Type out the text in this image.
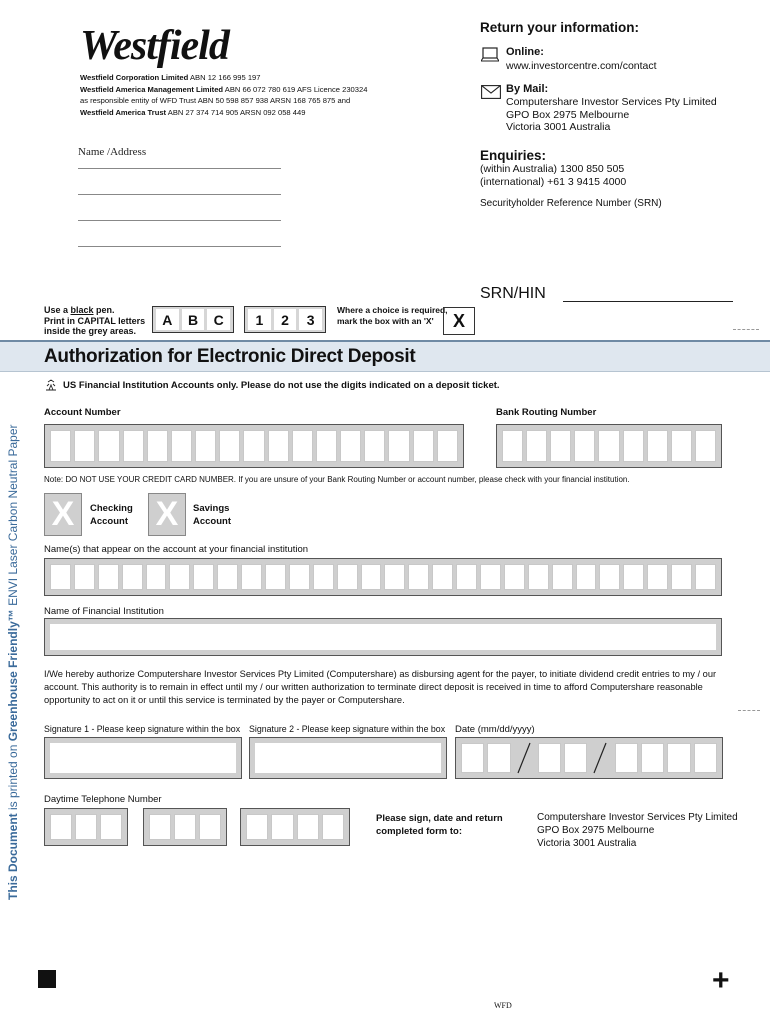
Westfield
Westfield Corporation Limited ABN 12 166 995 197
Westfield America Management Limited ABN 66 072 780 619 AFS Licence 230324
as responsible entity of WFD Trust ABN 50 598 857 938 ARSN 168 765 875 and
Westfield America Trust ABN 27 374 714 905 ARSN 092 058 449
Name /Address
Return your information:
Online:
www.investorcentre.com/contact
By Mail:
Computershare Investor Services Pty Limited
GPO Box 2975 Melbourne
Victoria 3001 Australia
Enquiries:
(within Australia) 1300 850 505
(international) +61 3 9415 4000
Securityholder Reference Number (SRN)
SRN/HIN
Use a black pen.
Print in CAPITAL letters
inside the grey areas.
A	B	C	1	2	3
Where a choice is required,
mark the box with an 'X'	X
Authorization for Electronic Direct Deposit
US Financial Institution Accounts only. Please do not use the digits indicated on a deposit ticket.
Account Number	Bank Routing Number
Note: DO NOT USE YOUR CREDIT CARD NUMBER. If you are unsure of your Bank Routing Number or account number, please check with your financial institution.
X	Checking
Account X	Savings
Account
Name(s) that appear on the account at your financial institution
Name of Financial Institution
I/We hereby authorize Computershare Investor Services Pty Limited (Computershare) as disbursing agent for the payer, to initiate dividend credit entries to my / our account. This authority is to remain in effect until my / our written authorization to terminate direct deposit is received in time to afford Computershare reasonable opportunity to act on it or until this service is terminated by the payer or Computershare.
Signature 1 - Please keep signature within the box Signature 2 - Please keep signature within the box Date (mm/dd/yyyy)
Daytime Telephone Number
Please sign, date and return
completed form to:
Computershare Investor Services Pty Limited
GPO Box 2975 Melbourne
Victoria 3001 Australia
This Document is printed on Greenhouse Friendly™ ENVI Laser Carbon Neutral Paper
+
WFD
